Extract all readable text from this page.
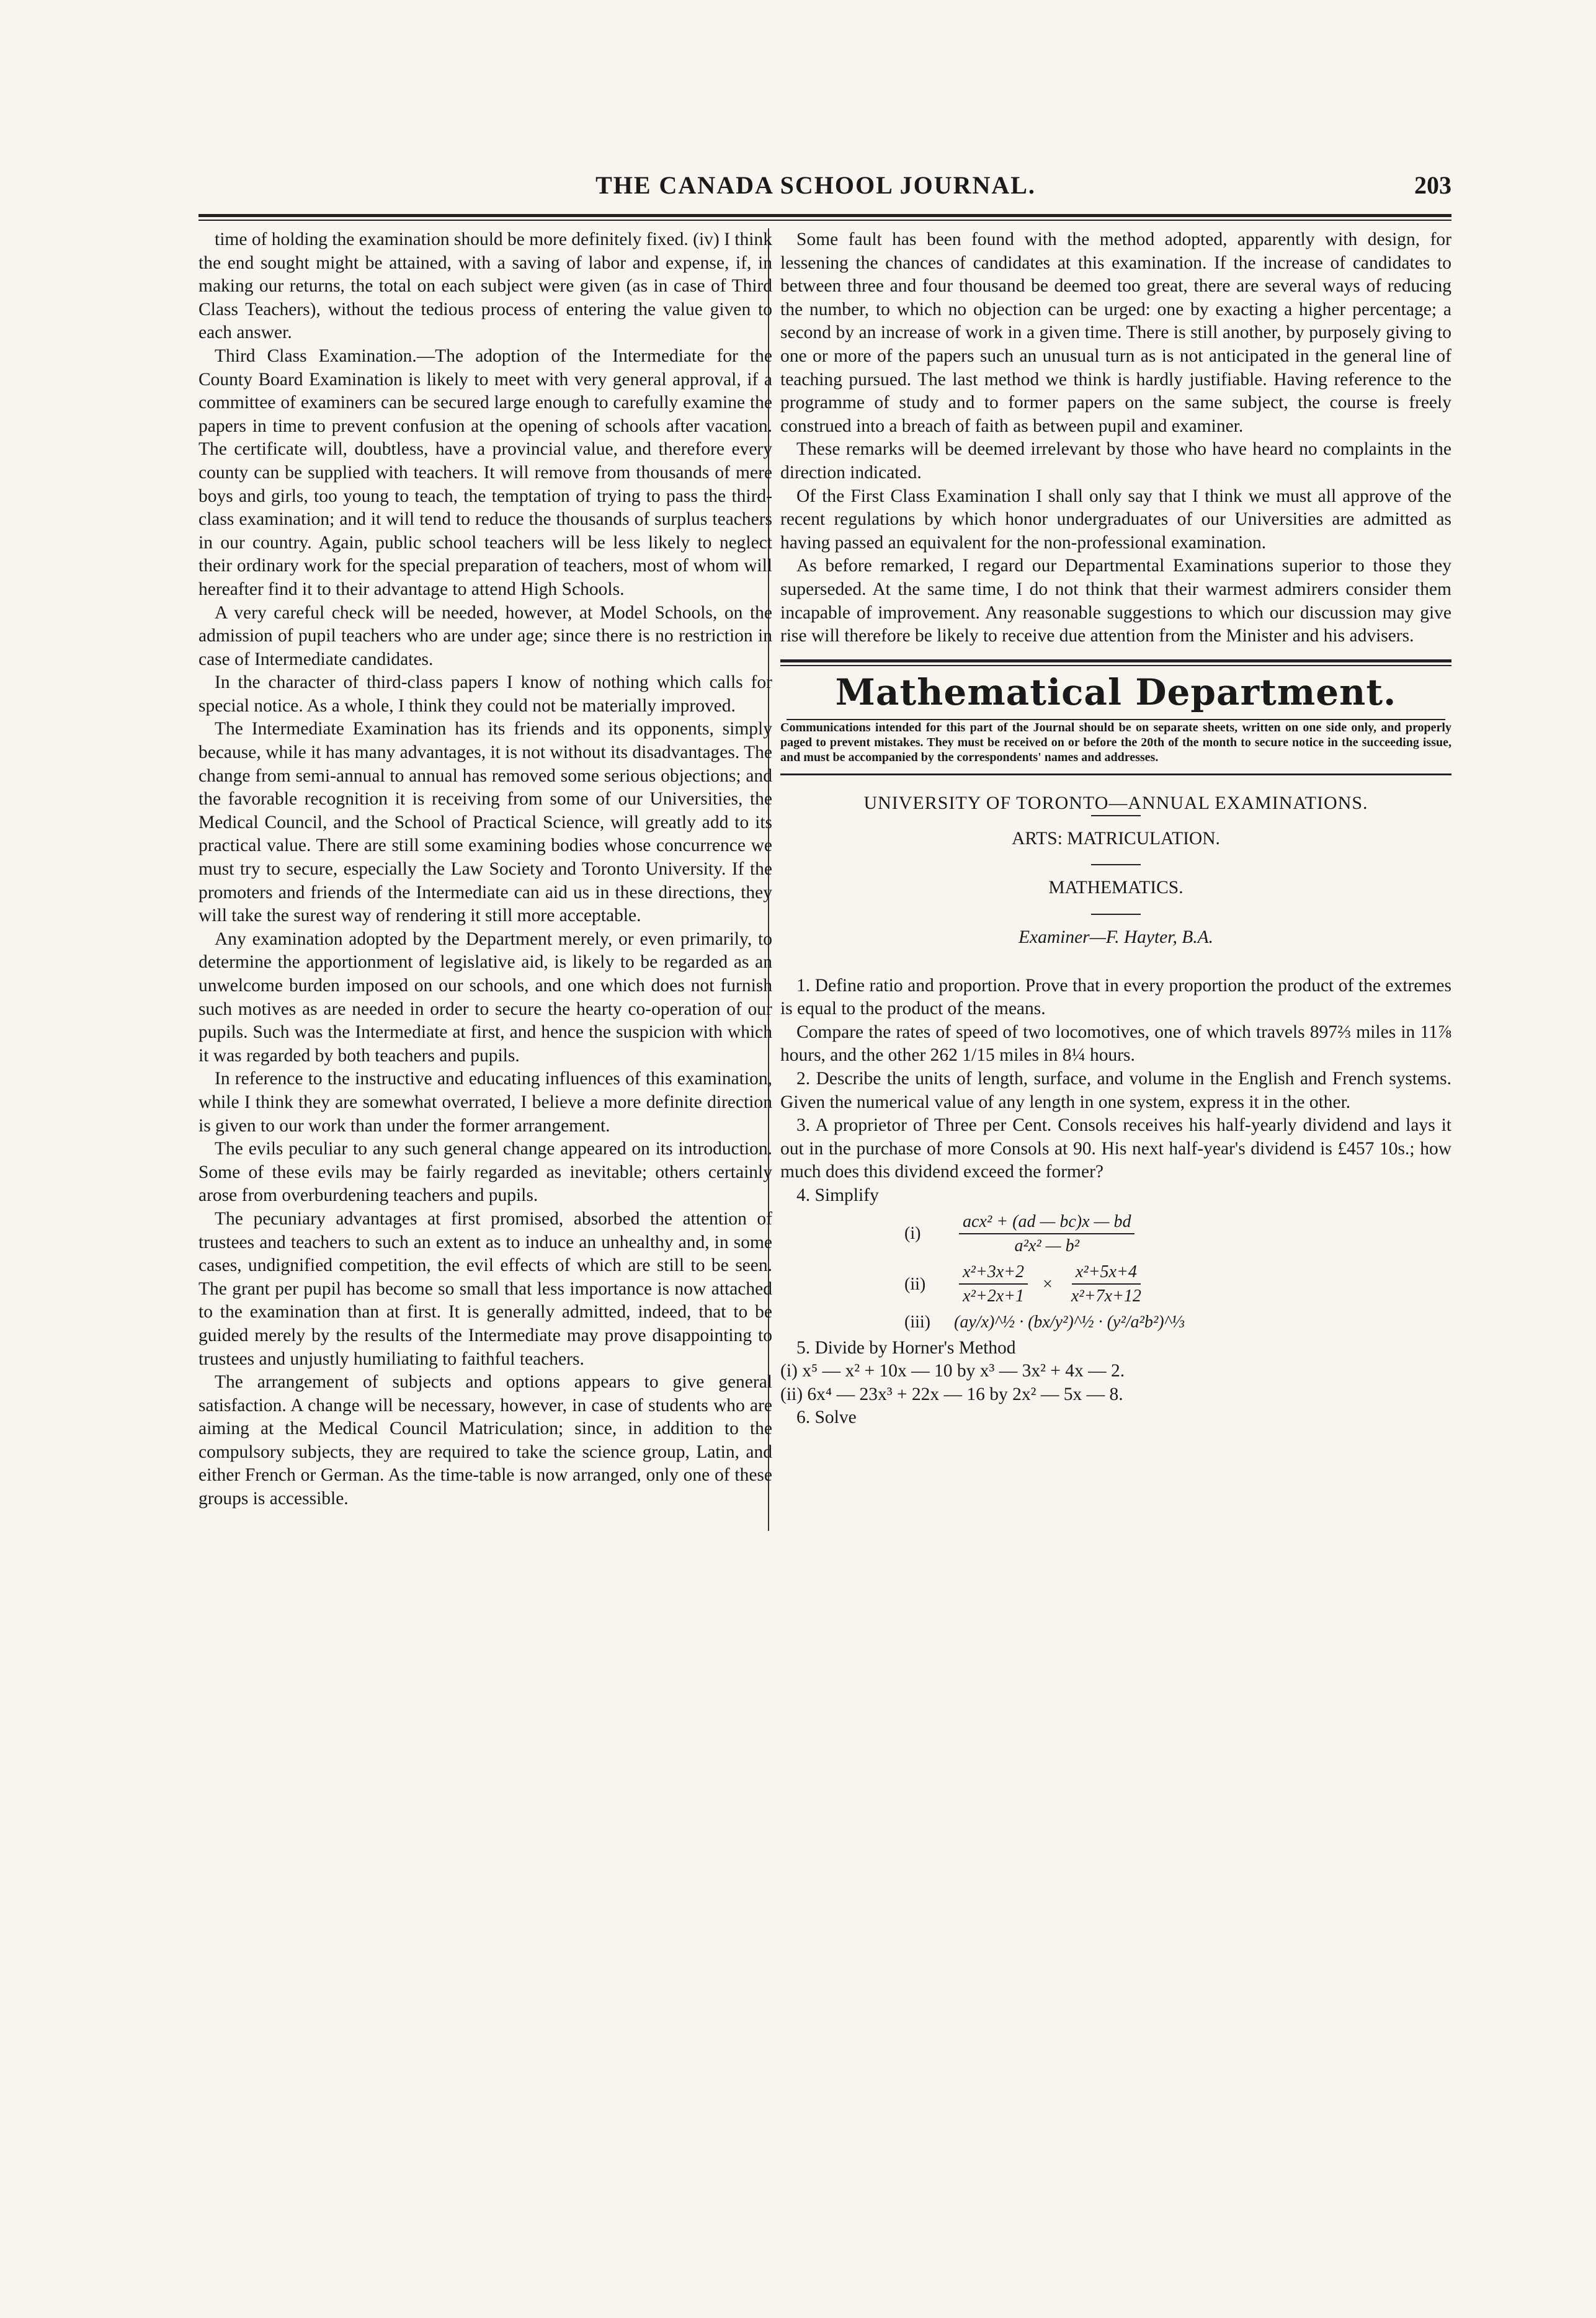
THE CANADA SCHOOL JOURNAL.	203

time of holding the examination should be more definitely fixed. (iv) I think the end sought might be attained, with a saving of labor and expense, if, in making our returns, the total on each subject were given (as in case of Third Class Teachers), without the tedious process of entering the value given to each answer.

Third Class Examination.—The adoption of the Intermediate for the County Board Examination is likely to meet with very general approval, if a committee of examiners can be secured large enough to carefully examine the papers in time to prevent confusion at the opening of schools after vacation. The certificate will, doubtless, have a provincial value, and therefore every county can be supplied with teachers. It will remove from thousands of mere boys and girls, too young to teach, the temptation of trying to pass the third-class examination; and it will tend to reduce the thousands of surplus teachers in our country. Again, public school teachers will be less likely to neglect their ordinary work for the special preparation of teachers, most of whom will hereafter find it to their advantage to attend High Schools.

A very careful check will be needed, however, at Model Schools, on the admission of pupil teachers who are under age; since there is no restriction in case of Intermediate candidates.

In the character of third-class papers I know of nothing which calls for special notice. As a whole, I think they could not be materially improved.

The Intermediate Examination has its friends and its opponents, simply because, while it has many advantages, it is not without its disadvantages. The change from semi-annual to annual has removed some serious objections; and the favorable recognition it is receiving from some of our Universities, the Medical Council, and the School of Practical Science, will greatly add to its practical value. There are still some examining bodies whose concurrence we must try to secure, especially the Law Society and Toronto University. If the promoters and friends of the Intermediate can aid us in these directions, they will take the surest way of rendering it still more acceptable.

Any examination adopted by the Department merely, or even primarily, to determine the apportionment of legislative aid, is likely to be regarded as an unwelcome burden imposed on our schools, and one which does not furnish such motives as are needed in order to secure the hearty co-operation of our pupils. Such was the Intermediate at first, and hence the suspicion with which it was regarded by both teachers and pupils.

In reference to the instructive and educating influences of this examination, while I think they are somewhat overrated, I believe a more definite direction is given to our work than under the former arrangement.

The evils peculiar to any such general change appeared on its introduction. Some of these evils may be fairly regarded as inevitable; others certainly arose from overburdening teachers and pupils.

The pecuniary advantages at first promised, absorbed the attention of trustees and teachers to such an extent as to induce an unhealthy and, in some cases, undignified competition, the evil effects of which are still to be seen. The grant per pupil has become so small that less importance is now attached to the examination than at first. It is generally admitted, indeed, that to be guided merely by the results of the Intermediate may prove disappointing to trustees and unjustly humiliating to faithful teachers.

The arrangement of subjects and options appears to give general satisfaction. A change will be necessary, however, in case of students who are aiming at the Medical Council Matriculation; since, in addition to the compulsory subjects, they are required to take the science group, Latin, and either French or German. As the time-table is now arranged, only one of these groups is accessible.

Some fault has been found with the method adopted, apparently with design, for lessening the chances of candidates at this examination. If the increase of candidates to between three and four thousand be deemed too great, there are several ways of reducing the number, to which no objection can be urged: one by exacting a higher percentage; a second by an increase of work in a given time. There is still another, by purposely giving to one or more of the papers such an unusual turn as is not anticipated in the general line of teaching pursued. The last method we think is hardly justifiable. Having reference to the programme of study and to former papers on the same subject, the course is freely construed into a breach of faith as between pupil and examiner.

These remarks will be deemed irrelevant by those who have heard no complaints in the direction indicated.

Of the First Class Examination I shall only say that I think we must all approve of the recent regulations by which honor undergraduates of our Universities are admitted as having passed an equivalent for the non-professional examination.

As before remarked, I regard our Departmental Examinations superior to those they superseded. At the same time, I do not think that their warmest admirers consider them incapable of improvement. Any reasonable suggestions to which our discussion may give rise will therefore be likely to receive due attention from the Minister and his advisers.

Mathematical Department.

Communications intended for this part of the Journal should be on separate sheets, written on one side only, and properly paged to prevent mistakes. They must be received on or before the 20th of the month to secure notice in the succeeding issue, and must be accompanied by the correspondents' names and addresses.

UNIVERSITY OF TORONTO—ANNUAL EXAMINATIONS.

ARTS: MATRICULATION.

MATHEMATICS.

Examiner—F. Hayter, B.A.

1. Define ratio and proportion. Prove that in every proportion the product of the extremes is equal to the product of the means.

Compare the rates of speed of two locomotives, one of which travels 897⅔ miles in 11⅞ hours, and the other 262 1/15 miles in 8¼ hours.

2. Describe the units of length, surface, and volume in the English and French systems. Given the numerical value of any length in one system, express it in the other.

3. A proprietor of Three per Cent. Consols receives his half-yearly dividend and lays it out in the purchase of more Consols at 90. His next half-year's dividend is £457 10s.; how much does this dividend exceed the former?

4. Simplify

(i)	$\frac{\text{acx² + (ad — bc)x — bd}}{\text{a²x² — b²}}$
(ii)	$\frac{\text{x²+3x+2}}{\text{x²+2x+1}} \times \frac{\text{x²+5x+4}}{\text{x²+7x+12}}$
(iii)	(ay/x)^½ · (bx/y²)^½ · (y²/a²b²)^⅓

5. Divide by Horner's Method

(i) x⁵ — x² + 10x — 10 by x³ — 3x² + 4x — 2.

(ii) 6x⁴ — 23x³ + 22x — 16 by 2x² — 5x — 8.

6. Solve
